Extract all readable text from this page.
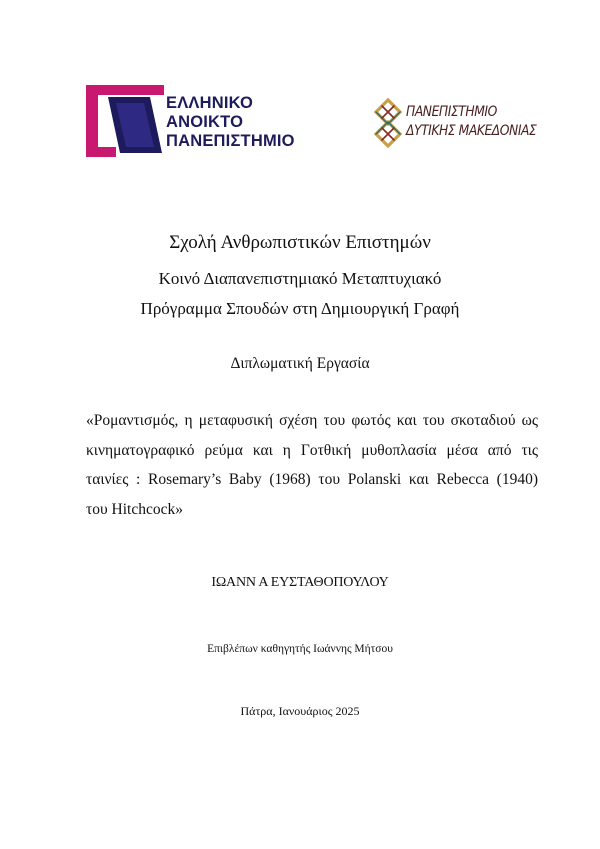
ΕΛΛΗΝΙΚΟ
ΑΝΟΙΚΤΟ
ΠΑΝΕΠΙΣΤΗΜΙΟ
ΠΑΝΕΠΙΣΤΗΜΙΟ
ΔΥΤΙΚΗΣ ΜΑΚΕΔΟΝΙΑΣ
Σχολή Ανθρωπιστικών Επιστημών
Κοινό Διαπανεπιστημιακό Μεταπτυχιακό
Πρόγραμμα Σπουδών στη Δημιουργική Γραφή
Διπλωματική Εργασία
«Ρομαντισμός, η μεταφυσική σχέση του φωτός και του σκοταδιού ως
κινηματογραφικό ρεύμα και η Γοτθική μυθοπλασία μέσα από τις
ταινίες : Rosemary’s Baby (1968) του Polanski και Rebecca (1940)
του Hitchcock»
ΙΩΑΝΝ Α ΕΥΣΤΑΘΟΠΟΥΛΟΥ
Επιβλέπων καθηγητής Ιωάννης Μήτσου
Πάτρα, Ιανουάριος 2025
